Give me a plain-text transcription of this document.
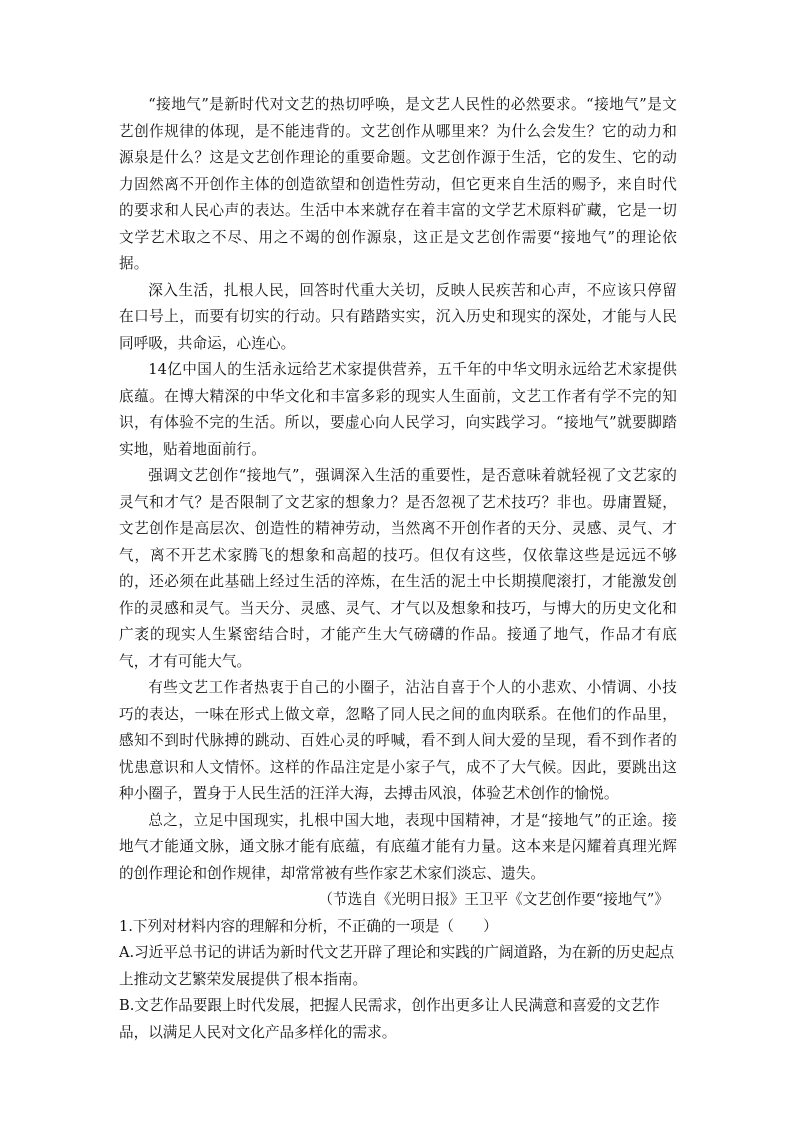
“接地气”是新时代对文艺的热切呼唤，是文艺人民性的必然要求。“接地气”是文艺创作规律的体现，是不能违背的。文艺创作从哪里来？为什么会发生？它的动力和源泉是什么？这是文艺创作理论的重要命题。文艺创作源于生活，它的发生、它的动力固然离不开创作主体的创造欲望和创造性劳动，但它更来自生活的赐予，来自时代的要求和人民心声的表达。生活中本来就存在着丰富的文学艺术原料矿藏，它是一切文学艺术取之不尽、用之不竭的创作源泉，这正是文艺创作需要“接地气”的理论依据。

深入生活，扎根人民，回答时代重大关切，反映人民疾苦和心声，不应该只停留在口号上，而要有切实的行动。只有踏踏实实，沉入历史和现实的深处，才能与人民同呼吸，共命运，心连心。

14亿中国人的生活永远给艺术家提供营养，五千年的中华文明永远给艺术家提供底蕴。在博大精深的中华文化和丰富多彩的现实人生面前，文艺工作者有学不完的知识，有体验不完的生活。所以，要虚心向人民学习，向实践学习。“接地气”就要脚踏实地，贴着地面前行。

强调文艺创作“接地气”，强调深入生活的重要性，是否意味着就轻视了文艺家的灵气和才气？是否限制了文艺家的想象力？是否忽视了艺术技巧？非也。毋庸置疑，文艺创作是高层次、创造性的精神劳动，当然离不开创作者的天分、灵感、灵气、才气，离不开艺术家腾飞的想象和高超的技巧。但仅有这些，仅依靠这些是远远不够的，还必须在此基础上经过生活的淬炼，在生活的泥土中长期摸爬滚打，才能激发创作的灵感和灵气。当天分、灵感、灵气、才气以及想象和技巧，与博大的历史文化和广袤的现实人生紧密结合时，才能产生大气磅礴的作品。接通了地气，作品才有底气，才有可能大气。

有些文艺工作者热衷于自己的小圈子，沾沾自喜于个人的小悲欢、小情调、小技巧的表达，一味在形式上做文章，忽略了同人民之间的血肉联系。在他们的作品里，感知不到时代脉搏的跳动、百姓心灵的呼喊，看不到人间大爱的呈现，看不到作者的忧患意识和人文情怀。这样的作品注定是小家子气，成不了大气候。因此，要跳出这种小圈子，置身于人民生活的汪洋大海，去搏击风浪，体验艺术创作的愉悦。

总之，立足中国现实，扎根中国大地，表现中国精神，才是“接地气”的正途。接地气才能通文脉，通文脉才能有底蕴，有底蕴才能有力量。这本来是闪耀着真理光辉的创作理论和创作规律，却常常被有些作家艺术家们淡忘、遗失。

（节选自《光明日报》王卫平《文艺创作要“接地气”》

1.下列对材料内容的理解和分析，不正确的一项是（　　）

A.习近平总书记的讲话为新时代文艺开辟了理论和实践的广阔道路，为在新的历史起点上推动文艺繁荣发展提供了根本指南。

B.文艺作品要跟上时代发展，把握人民需求，创作出更多让人民满意和喜爱的文艺作品，以满足人民对文化产品多样化的需求。
